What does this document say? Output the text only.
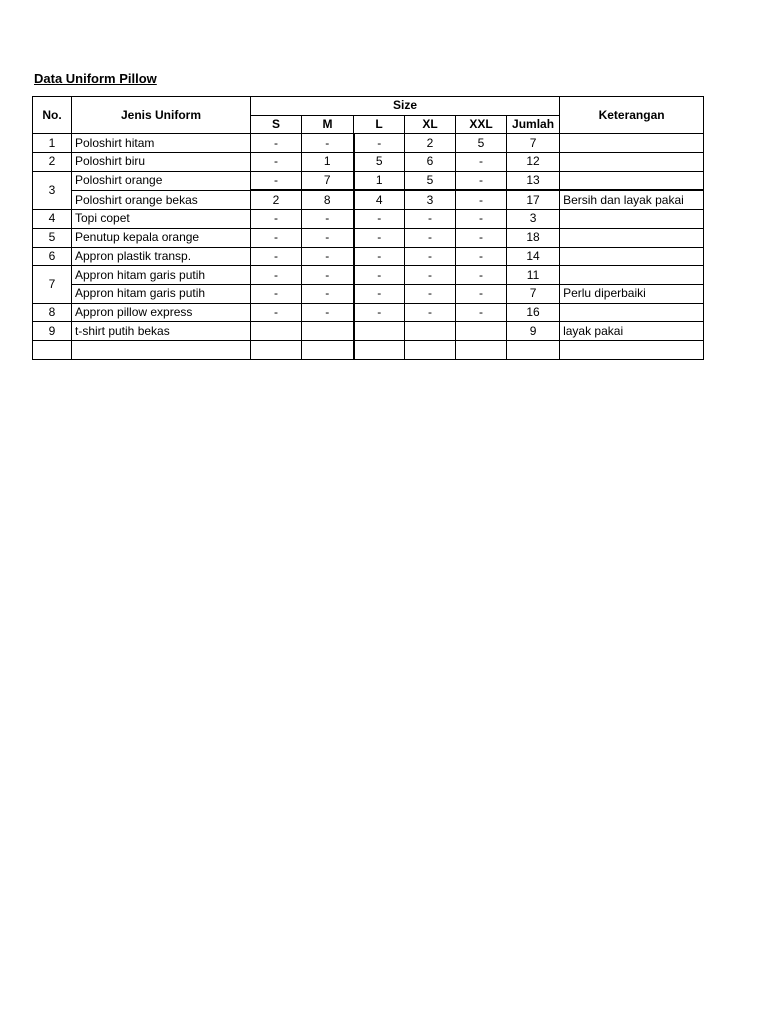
Data Uniform Pillow
No.	Jenis Uniform	Size						Keterangan
		S	M	L	XL	XXL	Jumlah	
1	Poloshirt hitam	-	-	-	2	5	7	
2	Poloshirt biru	-	1	5	6	-	12	
3	Poloshirt orange	-	7	1	5	-	13	
	Poloshirt orange bekas	2	8	4	3	-	17	Bersih dan layak pakai
4	Topi copet	-	-	-	-	-	3	
5	Penutup kepala orange	-	-	-	-	-	18	
6	Appron plastik transp.	-	-	-	-	-	14	
7	Appron hitam garis putih	-	-	-	-	-	11	
	Appron hitam garis putih	-	-	-	-	-	7	Perlu diperbaiki
8	Appron pillow express	-	-	-	-	-	16	
9	t-shirt putih bekas						9	layak pakai
